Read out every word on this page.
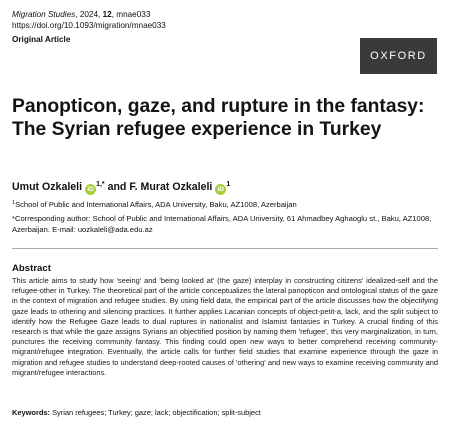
Migration Studies, 2024, 12, mnae033
https://doi.org/10.1093/migration/mnae033
Original Article
OXFORD
Panopticon, gaze, and rupture in the fantasy: The Syrian refugee experience in Turkey
Umut Ozkaleli $iD^{1,*}$ and F. Murat Ozkaleli $iD^1$
$^1$School of Public and International Affairs, ADA University, Baku, AZ1008, Azerbaijan
*Corresponding author: School of Public and International Affairs, ADA University, 61 Ahmadbey Aghaoglu st., Baku, AZ1008, Azerbaijan. E-mail: uozkaleli@ada.edu.az
Abstract

This article aims to study how 'seeing' and 'being looked at' (the gaze) interplay in constructing citizens' idealized-self and the refugee-other in Turkey. The theoretical part of the article conceptualizes the lateral panopticon and ontological status of the gaze in the context of migration and refugee studies. By using field data, the empirical part of the article discusses how the objectifying gaze leads to othering and silencing practices. It further applies Lacanian concepts of object-petit-a, lack, and the split subject to identify how the Refugee Gaze leads to dual ruptures in nationalist and Islamist fantasies in Turkey. A crucial finding of this research is that while the gaze assigns Syrians an objectified position by naming them 'refugee', this very marginalization, in turn, punctures the receiving community fantasy. This finding could open new ways to better comprehend receiving community-migrant/refugee integration. Eventually, the article calls for further field studies that examine experience through the gaze in migration and refugee studies to understand deep-rooted causes of 'othering' and new ways to examine receiving community and migrant/refugee interactions.

Keywords: Syrian refugees; Turkey; gaze; lack; objectification; split-subject
